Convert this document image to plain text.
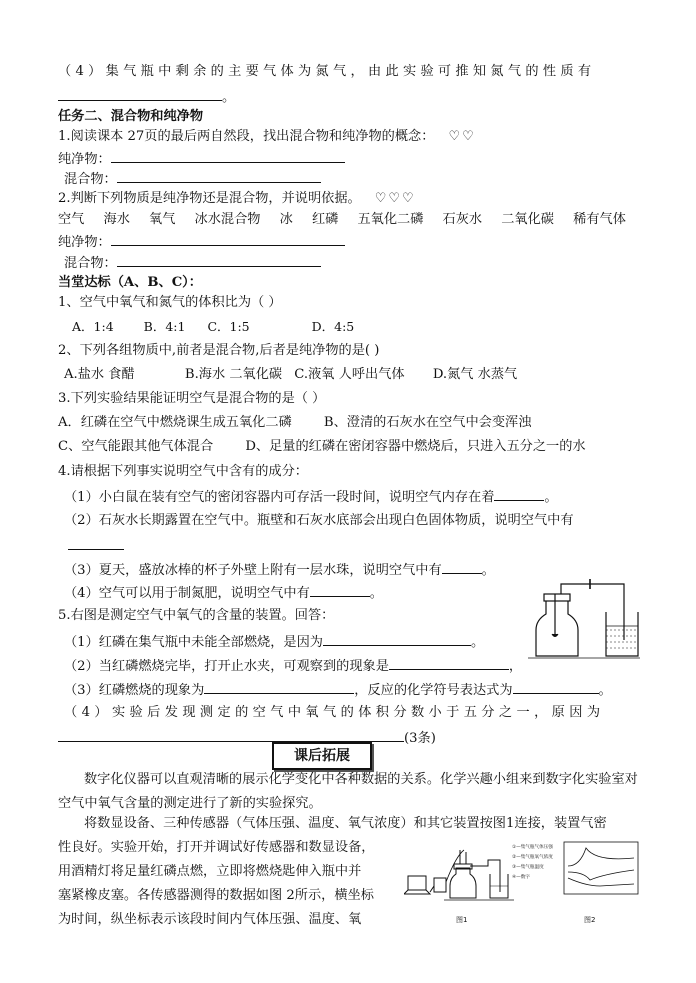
（4）集气瓶中剩余的主要气体为氮气，由此实验可推知氮气的性质有
。
任务二、混合物和纯净物
1.阅读课本 27页的最后两自然段，找出混合物和纯净物的概念： ♡♡
纯净物：
混合物：
2.判断下列物质是纯净物还是混合物，并说明依据。 ♡♡♡
空气 海水 氧气 冰水混合物 冰 红磷 五氧化二磷 石灰水 二氧化碳 稀有气体
纯净物：
混合物：
当堂达标（A、B、C）：
1、空气中氧气和氮气的体积比为（ ）
A．1:4 B．4:1 C．1:5	D．4:5
2、下列各组物质中,前者是混合物,后者是纯净物的是( )
A.盐水 食醋	B.海水 二氧化碳 C.液氧 人呼出气体 D.氮气 水蒸气
3.下列实验结果能证明空气是混合物的是（ ）
A．红磷在空气中燃烧课生成五氧化二磷 B、澄清的石灰水在空气中会变浑浊
C、空气能跟其他气体混合 D、足量的红磷在密闭容器中燃烧后，只进入五分之一的水
4.请根据下列事实说明空气中含有的成分：
（1）小白鼠在装有空气的密闭容器内可存活一段时间，说明空气内存在着	。
（2）石灰水长期露置在空气中。瓶壁和石灰水底部会出现白色固体物质，说明空气中有
（3）夏天，盛放冰棒的杯子外壁上附有一层水珠，说明空气中有	。
（4）空气可以用于制氮肥，说明空气中有	。
5.右图是测定空气中氧气的含量的装置。回答：
（1）红磷在集气瓶中未能全部燃烧，是因为	。
（2）当红磷燃烧完毕，打开止水夹，可观察到的现象是	，
（3）红磷燃烧的现象为	，反应的化学符号表达式为	。
（4）实验后发现测定的空气中氧气的体积分数小于五分之一，原因为
(3条)
课后拓展
数字化仪器可以直观清晰的展示化学变化中各种数据的关系。化学兴趣小组来到数字化实验室对空气中氧气含量的测定进行了新的实验探究。
将数显设备、三种传感器（气体压强、温度、氧气浓度）和其它装置按图1连接，装置气密
性良好。实验开始，打开并调试好传感器和数显设备，
用酒精灯将足量红磷点燃，立即将燃烧匙伸入瓶中并
塞紧橡皮塞。各传感器测得的数据如图 2所示，横坐标
为时间，纵坐标表示该段时间内气体压强、温度、氧	图1
①—集气瓶气体压强
②—集气瓶氧气浓度
③—集气瓶温度
④—数字
图2
